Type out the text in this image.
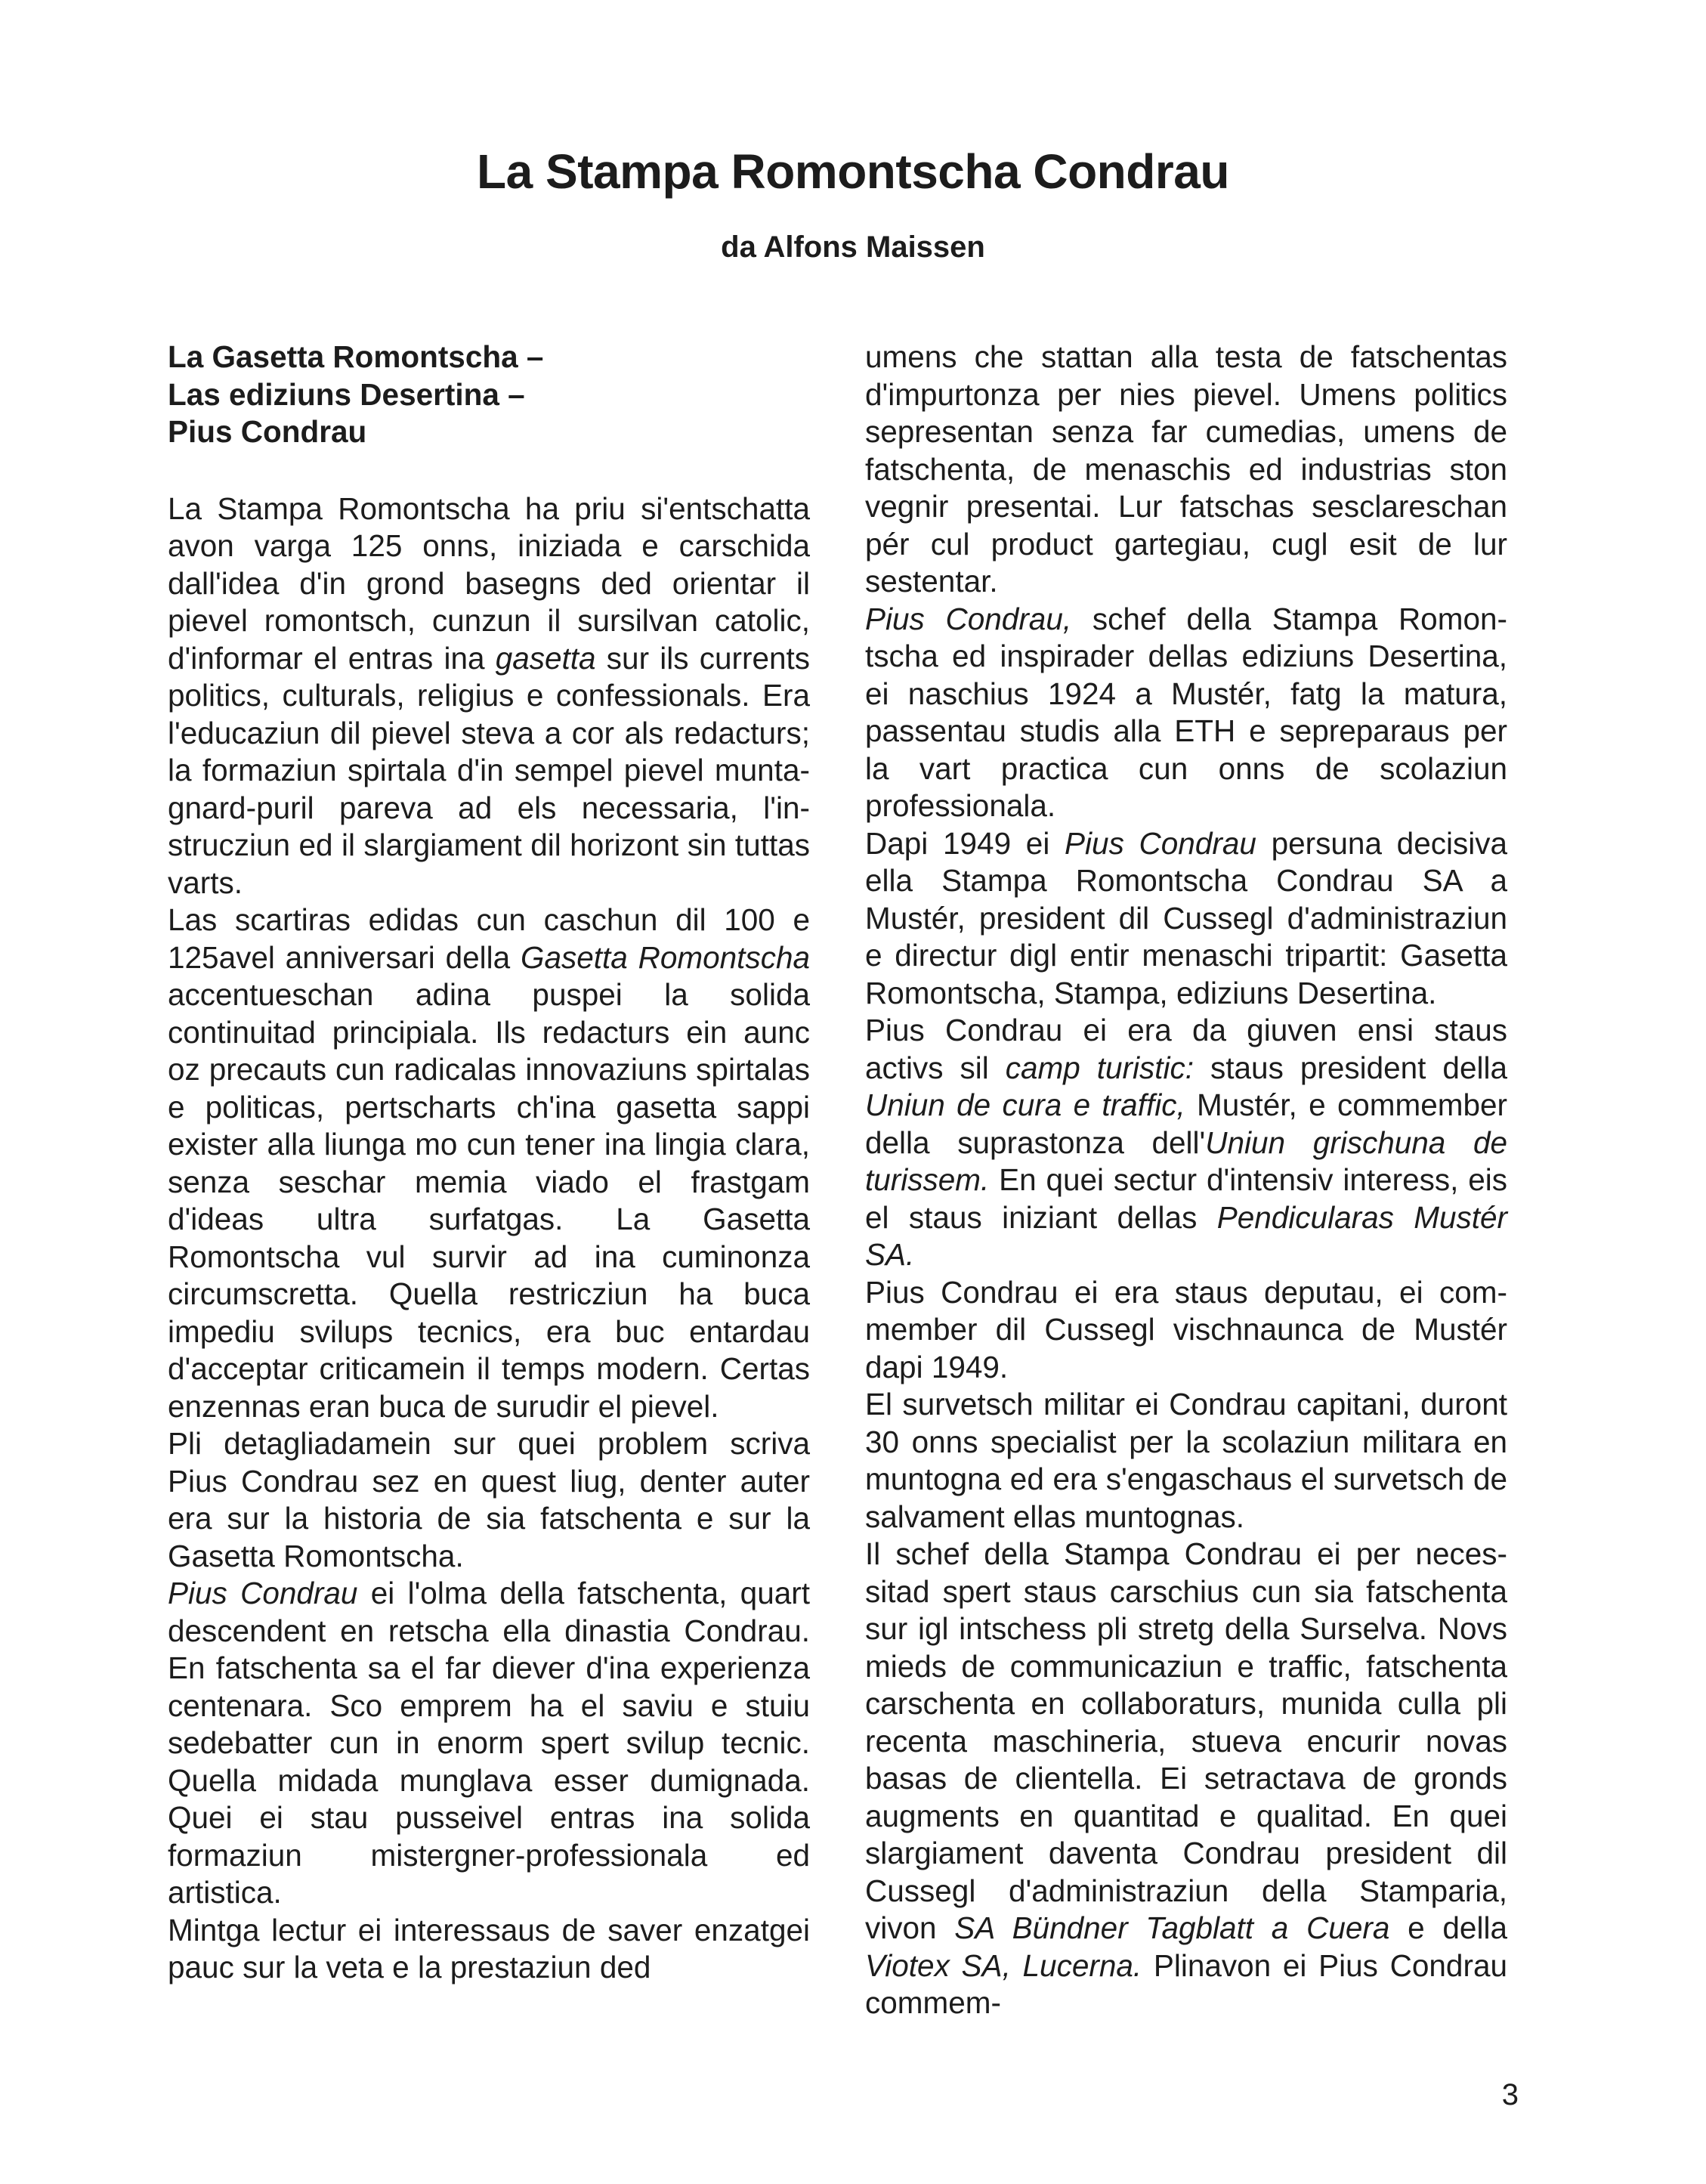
La Stampa Romontscha Condrau
da Alfons Maissen
La Gasetta Romontscha –
Las ediziuns Desertina –
Pius Condrau

La Stampa Romontscha ha priu si'entschatta avon varga 125 onns, iniziada e carschida dall'idea d'in grond basegns ded orientar il pievel romontsch, cunzun il sursilvan catolic, d'informar el entras ina gasetta sur ils currents politics, culturals, religius e confessionals. Era l'educaziun dil pievel steva a cor als redacturs; la formaziun spirtala d'in sempel pievel muntagnard-puril pareva ad els necessaria, l'instrucziun ed il slargiament dil horizont sin tuttas varts.

Las scartiras edidas cun caschun dil 100 e 125avel anniversari della Gasetta Romontscha accentueschan adina puspei la solida continuitad principiala. Ils redacturs ein aunc oz precauts cun radicalas innovaziuns spirtalas e politicas, pertscharts ch'ina gasetta sappi exister alla liunga mo cun tener ina lingia clara, senza seschar memia viado el frastgam d'ideas ultra surfatgas. La Gasetta Romontscha vul survir ad ina cuminonza circumscretta. Quella restricziun ha buca impediu svilups tecnics, era buc entardau d'acceptar criticamein il temps modern. Certas enzennas eran buca de surudir el pievel.

Pli detagliadamein sur quei problem scriva Pius Condrau sez en quest liug, denter auter era sur la historia de sia fatschenta e sur la Gasetta Romontscha.

Pius Condrau ei l'olma della fatschenta, quart descendent en retscha ella dinastia Condrau. En fatschenta sa el far diever d'ina experienza centenara. Sco emprem ha el saviu e stuiu sedebatter cun in enorm spert svilup tecnic. Quella midada munglava esser dumignada. Quei ei stau pusseivel entras ina solida formaziun mistergner-professionala ed artistica.

Mintga lectur ei interessaus de saver enzatgei pauc sur la veta e la prestaziun ded

umens che stattan alla testa de fatschentas d'impurtonza per nies pievel. Umens politics sepresentan senza far cumedias, umens de fatschenta, de menaschis ed industrias ston vegnir presentai. Lur fatschas sesclareschan pér cul product gartegiau, cugl esit de lur sestentar.

Pius Condrau, schef della Stampa Romontscha ed inspirader dellas ediziuns Desertina, ei naschius 1924 a Mustér, fatg la matura, passentau studis alla ETH e sepreparaus per la vart practica cun onns de scolaziun professionala.

Dapi 1949 ei Pius Condrau persuna decisiva ella Stampa Romontscha Condrau SA a Mustér, president dil Cussegl d'administraziun e directur digl entir menaschi tripartit: Gasetta Romontscha, Stampa, ediziuns Desertina.

Pius Condrau ei era da giuven ensi staus activs sil camp turistic: staus president della Uniun de cura e traffic, Mustér, e commember della suprastonza dell'Uniun grischuna de turissem. En quei sectur d'intensiv interess, eis el staus iniziant dellas Pendicularas Mustér SA.

Pius Condrau ei era staus deputau, ei commember dil Cussegl vischnaunca de Mustér dapi 1949.

El survetsch militar ei Condrau capitani, duront 30 onns specialist per la scolaziun militara en muntogna ed era s'engaschaus el survetsch de salvament ellas muntognas.

Il schef della Stampa Condrau ei per necessitad spert staus carschius cun sia fatschenta sur igl intschess pli stretg della Surselva. Novs mieds de communicaziun e traffic, fatschenta carschenta en collaboraturs, munida culla pli recenta maschineria, stueva encurir novas basas de clientella. Ei setractava de gronds augments en quantitad e qualitad. En quei slargiament daventa Condrau president dil Cussegl d'administraziun della Stamparia, vivon SA Bündner Tagblatt a Cuera e della Viotex SA, Lucerna. Plinavon ei Pius Condrau commem-

3
